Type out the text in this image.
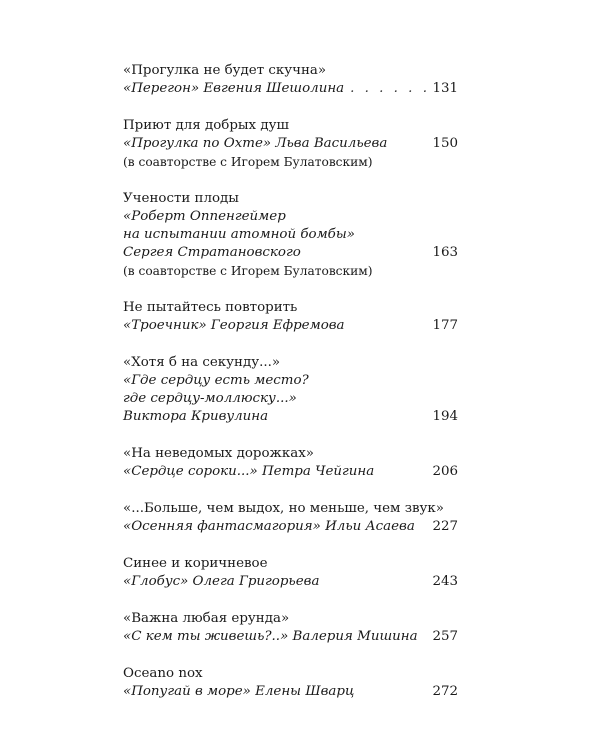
«Прогулка не будет скучна»
«Перегон» Евгения Шешолина . . .	131
Приют для добрых душ
«Прогулка по Охте» Льва Васильева	150
(в соавторстве с Игорем Булатовским)
Учености плоды
«Роберт Оппенгеймер
на испытании атомной бомбы»
Сергея Стратановского	163
(в соавторстве с Игорем Булатовским)
Не пытайтесь повторить
«Троечник» Георгия Ефремова	177
«Хотя б на секунду...»
«Где сердцу есть место?
где сердцу-моллюску...»
Виктора Кривулина	194
«На неведомых дорожках»
«Сердце сороки...» Петра Чейгина	206
«...Больше, чем выдох, но меньше, чем звук»
«Осенняя фантасмагория» Ильи Асаева 227
Синее и коричневое
«Глобус» Олега Григорьева	243
«Важна любая ерунда»
«С кем ты живешь?..» Валерия Мишина 257
Oceano nox
«Попугай в море» Елены Шварц	272
